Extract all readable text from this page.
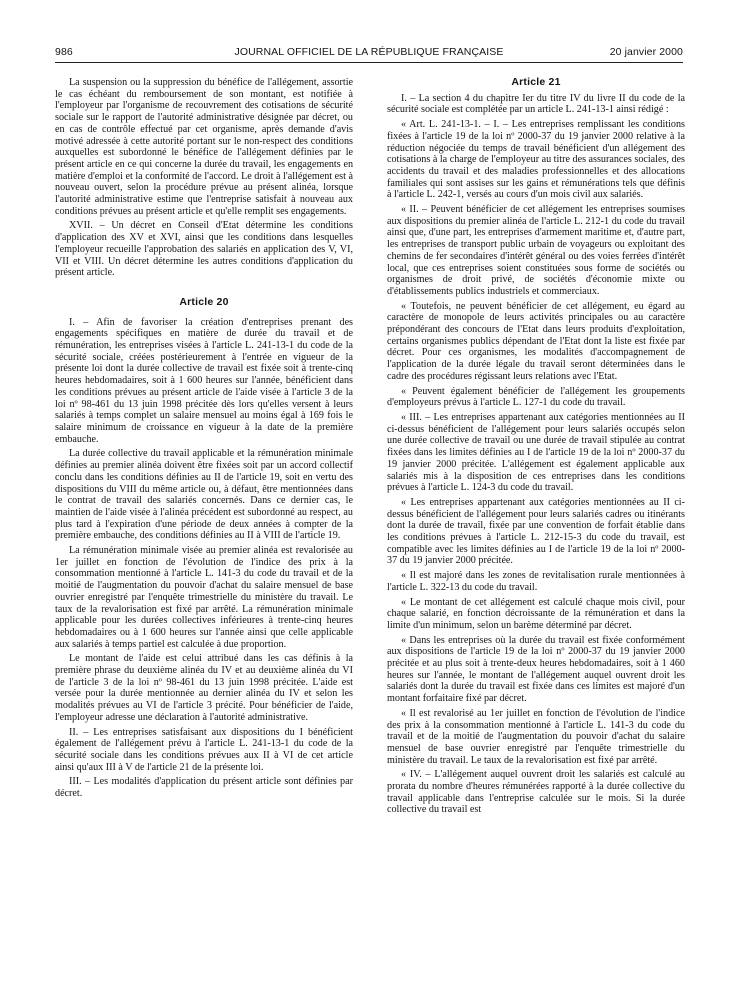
986	JOURNAL OFFICIEL DE LA RÉPUBLIQUE FRANÇAISE	20 janvier 2000

La suspension ou la suppression du bénéfice de l'allégement, assortie le cas échéant du remboursement de son montant, est notifiée à l'employeur par l'organisme de recouvrement des cotisations de sécurité sociale sur le rapport de l'autorité administrative désignée par décret, ou en cas de contrôle effectué par cet organisme, après demande d'avis motivé adressée à cette autorité portant sur le non-respect des conditions auxquelles est subordonné le bénéfice de l'allégement définies par le présent article en ce qui concerne la durée du travail, les engagements en matière d'emploi et la conformité de l'accord. Le droit à l'allégement est à nouveau ouvert, selon la procédure prévue au présent alinéa, lorsque l'autorité administrative estime que l'entreprise satisfait à nouveau aux conditions prévues au présent article et qu'elle remplit ses engagements.

XVII. – Un décret en Conseil d'Etat détermine les conditions d'application des XV et XVI, ainsi que les conditions dans lesquelles l'employeur recueille l'approbation des salariés en application des V, VI, VII et VIII. Un décret détermine les autres conditions d'application du présent article.

Article 20

I. – Afin de favoriser la création d'entreprises prenant des engagements spécifiques en matière de durée du travail et de rémunération, les entreprises visées à l'article L. 241-13-1 du code de la sécurité sociale, créées postérieurement à l'entrée en vigueur de la présente loi dont la durée collective de travail est fixée soit à trente-cinq heures hebdomadaires, soit à 1 600 heures sur l'année, bénéficient dans les conditions prévues au présent article de l'aide visée à l'article 3 de la loi nº 98-461 du 13 juin 1998 précitée dès lors qu'elles versent à leurs salariés à temps complet un salaire mensuel au moins égal à 169 fois le salaire minimum de croissance en vigueur à la date de la première embauche.

La durée collective du travail applicable et la rémunération minimale définies au premier alinéa doivent être fixées soit par un accord collectif conclu dans les conditions définies au II de l'article 19, soit en vertu des dispositions du VIII du même article ou, à défaut, être mentionnées dans le contrat de travail des salariés concernés. Dans ce dernier cas, le maintien de l'aide visée à l'alinéa précédent est subordonné au respect, au plus tard à l'expiration d'une période de deux années à compter de la première embauche, des conditions définies au II à VIII de l'article 19.

La rémunération minimale visée au premier alinéa est revalorisée au 1er juillet en fonction de l'évolution de l'indice des prix à la consommation mentionné à l'article L. 141-3 du code du travail et de la moitié de l'augmentation du pouvoir d'achat du salaire mensuel de base ouvrier enregistré par l'enquête trimestrielle du ministère du travail. Le taux de la revalorisation est fixé par arrêté. La rémunération minimale applicable pour les durées collectives inférieures à trente-cinq heures hebdomadaires ou à 1 600 heures sur l'année ainsi que celle applicable aux salariés à temps partiel est calculée à due proportion.

Le montant de l'aide est celui attribué dans les cas définis à la première phrase du deuxième alinéa du IV et au deuxième alinéa du VI de l'article 3 de la loi nº 98-461 du 13 juin 1998 précitée. L'aide est versée pour la durée mentionnée au dernier alinéa du IV et selon les modalités prévues au VI de l'article 3 précité. Pour bénéficier de l'aide, l'employeur adresse une déclaration à l'autorité administrative.

II. – Les entreprises satisfaisant aux dispositions du I bénéficient également de l'allégement prévu à l'article L. 241-13-1 du code de la sécurité sociale dans les conditions prévues aux II à VI de cet article ainsi qu'aux III à V de l'article 21 de la présente loi.

III. – Les modalités d'application du présent article sont définies par décret.

Article 21

I. – La section 4 du chapitre Ier du titre IV du livre II du code de la sécurité sociale est complétée par un article L. 241-13-1 ainsi rédigé :

« Art. L. 241-13-1. – I. – Les entreprises remplissant les conditions fixées à l'article 19 de la loi nº 2000-37 du 19 janvier 2000 relative à la réduction négociée du temps de travail bénéficient d'un allégement des cotisations à la charge de l'employeur au titre des assurances sociales, des accidents du travail et des maladies professionnelles et des allocations familiales qui sont assises sur les gains et rémunérations tels que définis à l'article L. 242-1, versés au cours d'un mois civil aux salariés.

« II. – Peuvent bénéficier de cet allégement les entreprises soumises aux dispositions du premier alinéa de l'article L. 212-1 du code du travail ainsi que, d'une part, les entreprises d'armement maritime et, d'autre part, les entreprises de transport public urbain de voyageurs ou exploitant des chemins de fer secondaires d'intérêt général ou des voies ferrées d'intérêt local, que ces entreprises soient constituées sous forme de sociétés ou organismes de droit privé, de sociétés d'économie mixte ou d'établissements publics industriels et commerciaux.

« Toutefois, ne peuvent bénéficier de cet allégement, eu égard au caractère de monopole de leurs activités principales ou au caractère prépondérant des concours de l'Etat dans leurs produits d'exploitation, certains organismes publics dépendant de l'Etat dont la liste est fixée par décret. Pour ces organismes, les modalités d'accompagnement de l'application de la durée légale du travail seront déterminées dans le cadre des procédures régissant leurs relations avec l'Etat.

« Peuvent également bénéficier de l'allégement les groupements d'employeurs prévus à l'article L. 127-1 du code du travail.

« III. – Les entreprises appartenant aux catégories mentionnées au II ci-dessus bénéficient de l'allégement pour leurs salariés occupés selon une durée collective de travail ou une durée de travail stipulée au contrat fixées dans les limites définies au I de l'article 19 de la loi nº 2000-37 du 19 janvier 2000 précitée. L'allégement est également applicable aux salariés mis à la disposition de ces entreprises dans les conditions prévues à l'article L. 124-3 du code du travail.

« Les entreprises appartenant aux catégories mentionnées au II ci-dessus bénéficient de l'allégement pour leurs salariés cadres ou itinérants dont la durée de travail, fixée par une convention de forfait établie dans les conditions prévues à l'article L. 212-15-3 du code du travail, est compatible avec les limites définies au I de l'article 19 de la loi nº 2000-37 du 19 janvier 2000 précitée.

« Il est majoré dans les zones de revitalisation rurale mentionnées à l'article L. 322-13 du code du travail.

« Le montant de cet allégement est calculé chaque mois civil, pour chaque salarié, en fonction décroissante de la rémunération et dans la limite d'un minimum, selon un barème déterminé par décret.

« Dans les entreprises où la durée du travail est fixée conformément aux dispositions de l'article 19 de la loi nº 2000-37 du 19 janvier 2000 précitée et au plus soit à trente-deux heures hebdomadaires, soit à 1 460 heures sur l'année, le montant de l'allégement auquel ouvrent droit les salariés dont la durée du travail est fixée dans ces limites est majoré d'un montant forfaitaire fixé par décret.

« Il est revalorisé au 1er juillet en fonction de l'évolution de l'indice des prix à la consommation mentionné à l'article L. 141-3 du code du travail et de la moitié de l'augmentation du pouvoir d'achat du salaire mensuel de base ouvrier enregistré par l'enquête trimestrielle du ministère du travail. Le taux de la revalorisation est fixé par arrêté.

« IV. – L'allégement auquel ouvrent droit les salariés est calculé au prorata du nombre d'heures rémunérées rapporté à la durée collective du travail applicable dans l'entreprise calculée sur le mois. Si la durée collective du travail est
